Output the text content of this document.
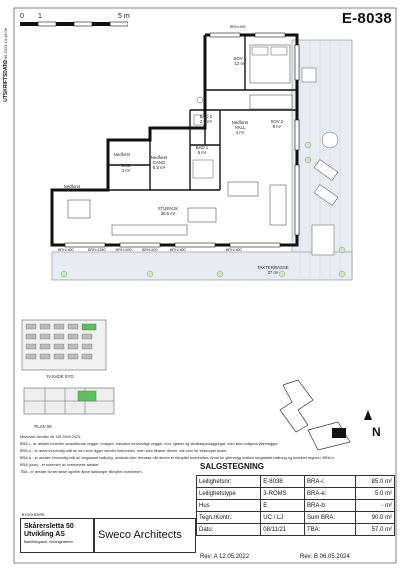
E-8038
07.05.2024 14:15:06
UTSKRIFTSDATO
0 1	5 m
SOV 1
12 m²
SOV 2
6 m²
BAD 2
2.5 m²	Nedforet
HALL
4 m²
BAD 1
5 m²
BOD
3 m²
Nedforet
Nedforet
GANG
5.5 m²
Nedforet
STUE/KJK
39.5 m²
TAKTERRASSE
37 m²
BRH=400
BRH=400	BRH=1550	BRH=400	BRH=400	BRH=400	BRH=400
FASADE SYD
PLAN 08	N

Merknad: Arealer iht. NS 3940:2023.

BRA-i - er arealet innenfor omsluttende vegger i boligen, inklusive innvendige vegger, bod, sjakter og ventilasjonsaggregat, men ikke boligens yttervegger.

BRA-e - er areal innvendig mål av rom som ligger utenfor boenheten, men som tilhører denne, slik som for eksempel boder.

BRA-b - er arealet innvendig mål av innglasset balkong, veranda eller terrasse når denne er tilknyttet boenheten. Areal for yttervegg mellom innglasset balkong og boenhet regnes i BRA-b.

BRA (sum) - er summen av overnevnte arealer.

TBA - er arealet for terrasse og/eller åpne balkonger tilknyttet boenheten.

SALGSTEGNING
Leilighetsnr:	E-8038	BRA-i:	85.0 m²
Leilighetstype	3-ROMS	BRA-e:	5.0 m²
Hus	E	BRA-b:	- m²
Tegn./Kontr.:	UC / LJ	Sum BRA:	90.0 m²
Dato:	08/11/21	TBA:	57.0 m²
BYGGHERRE:
Skårersletta 50 Utvikling AS
Bøe/Ødegaard, Vinningsvæsen
Sweco Architects
Rev: A 12.05.2022	Rev: B 06.05.2024
